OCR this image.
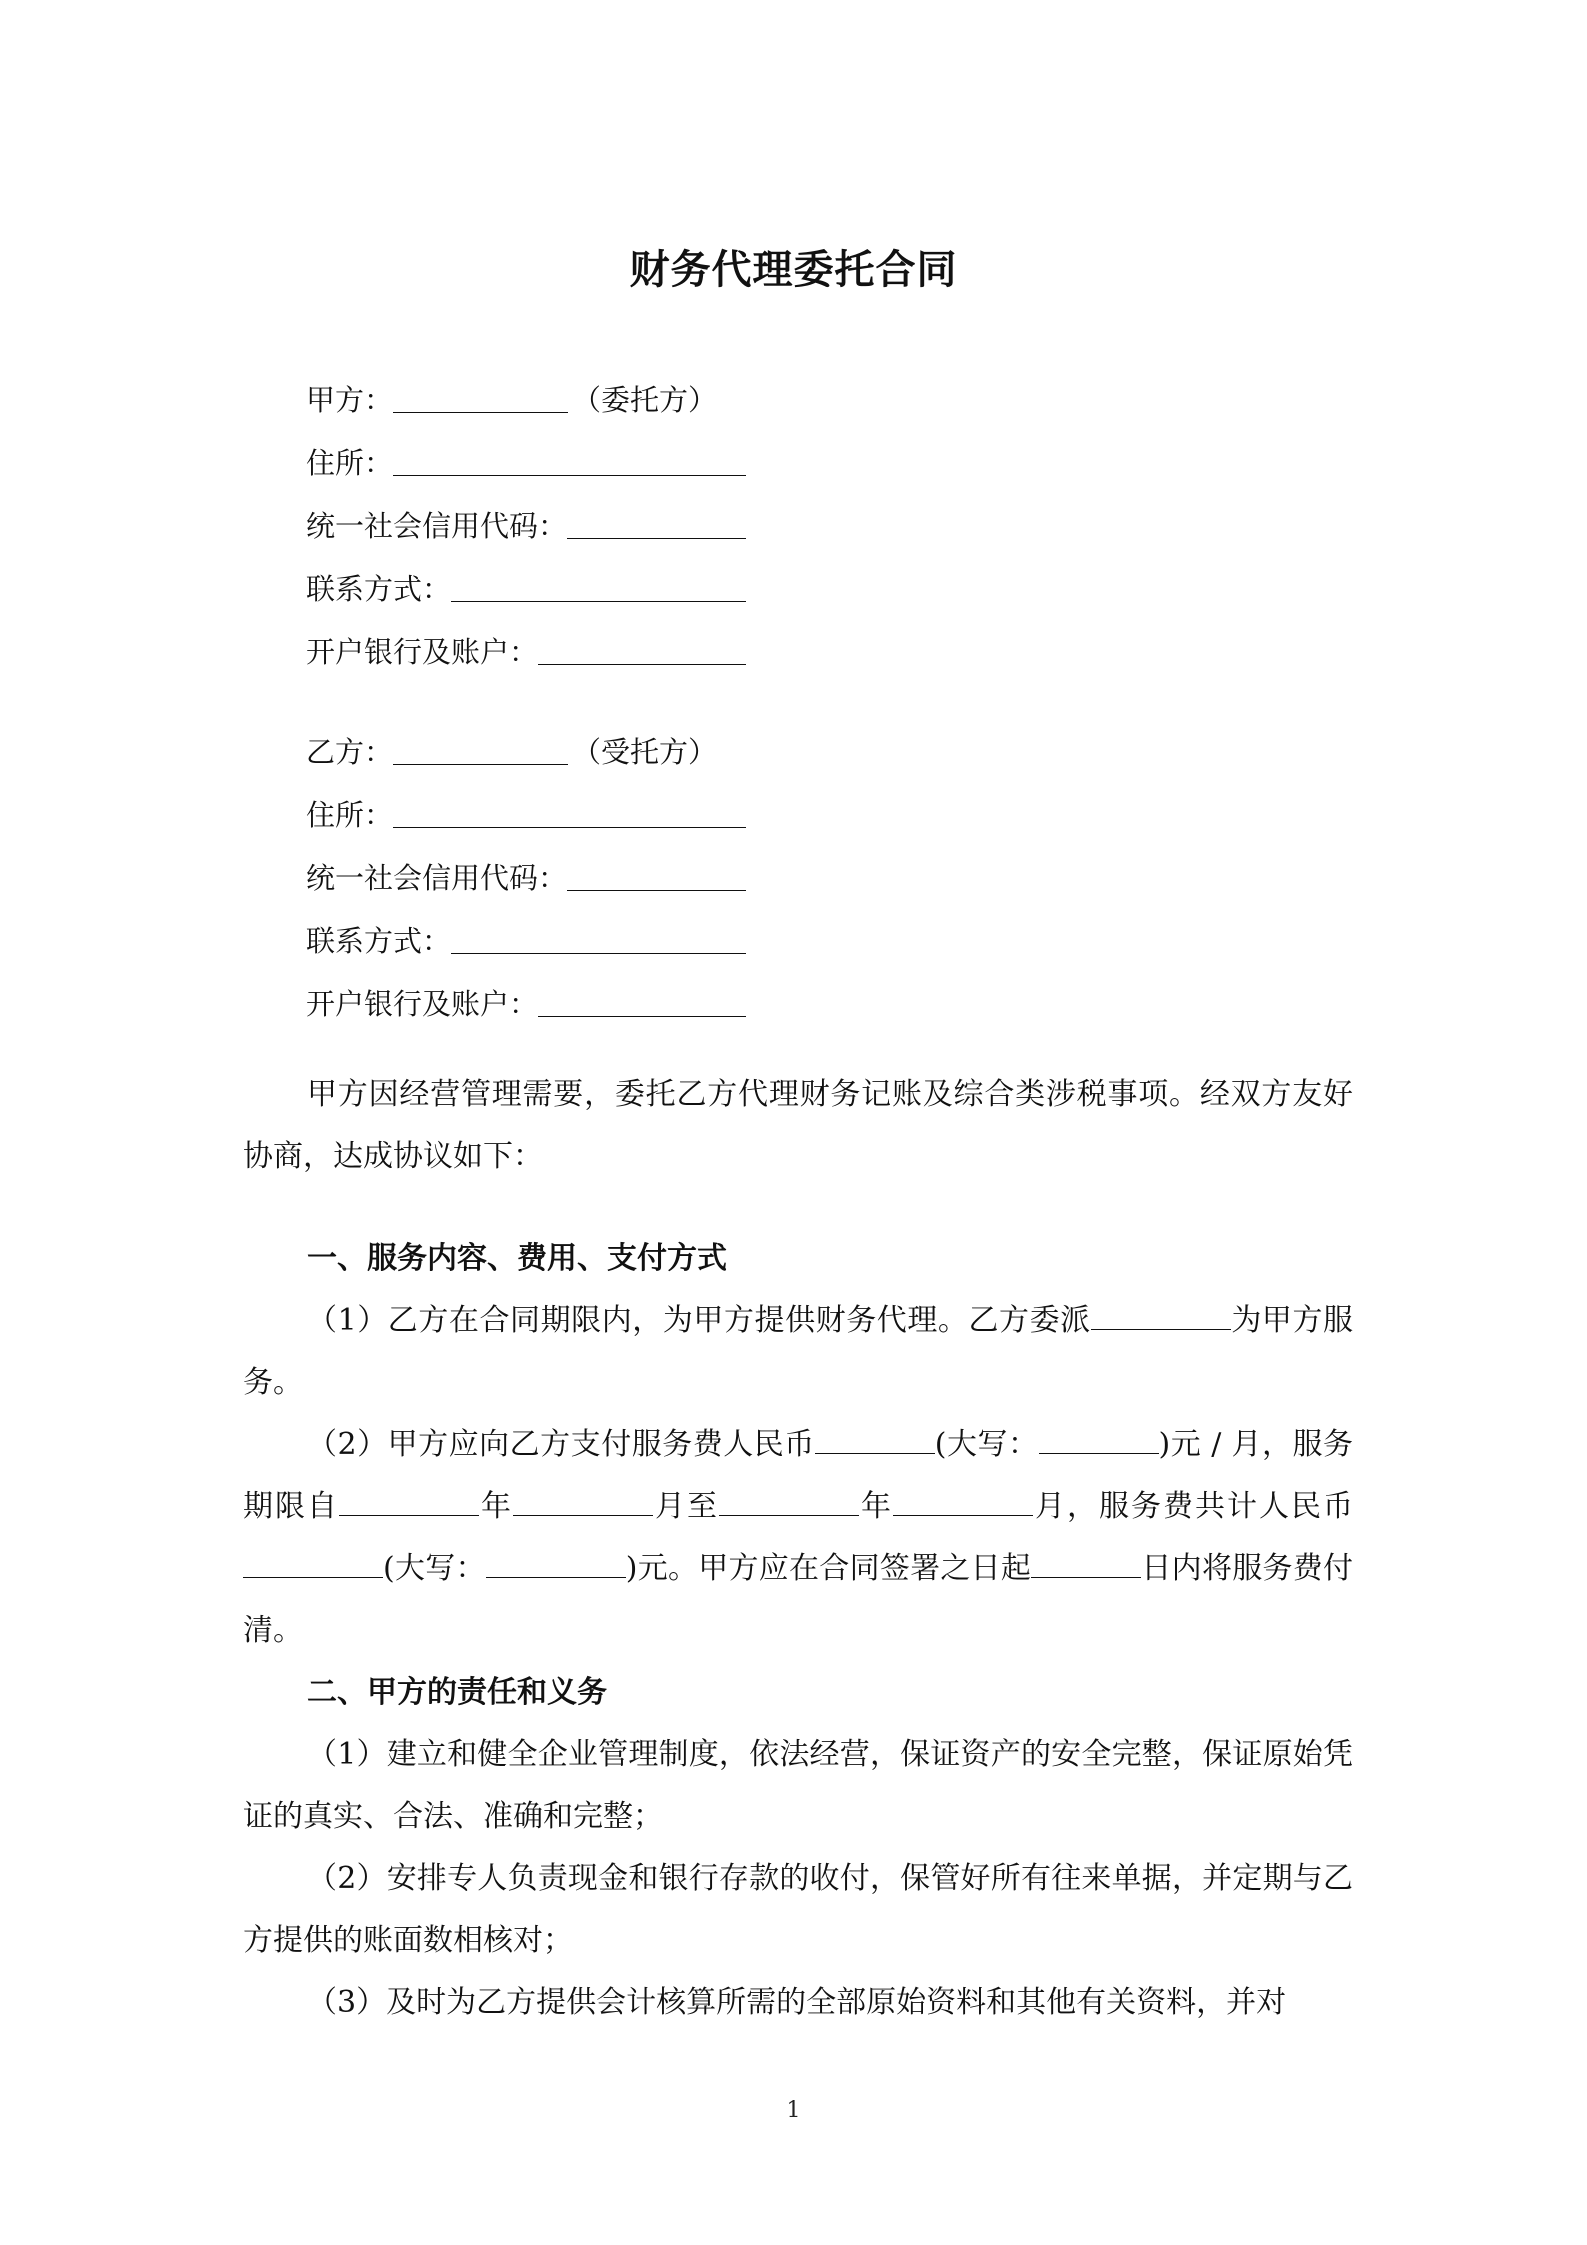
财务代理委托合同
甲方：	（委托方）
住所：
统一社会信用代码：
联系方式：
开户银行及账户：
乙方：	（受托方）
住所：
统一社会信用代码：
联系方式：
开户银行及账户：

甲方因经营管理需要，委托乙方代理财务记账及综合类涉税事项。经双方友好协商，达成协议如下：

一、服务内容、费用、支付方式

（1）乙方在合同期限内，为甲方提供财务代理。乙方委派	为甲方服务。

（2）甲方应向乙方支付服务费人民币	(大写：	)元 / 月，服务期限自	年	月至	年	月，服务费共计人民币(大写：	)元。甲方应在合同签署之日起	日内将服务费付清。

二、甲方的责任和义务

（1）建立和健全企业管理制度，依法经营，保证资产的安全完整，保证原始凭证的真实、合法、准确和完整；

（2）安排专人负责现金和银行存款的收付，保管好所有往来单据，并定期与乙方提供的账面数相核对；

（3）及时为乙方提供会计核算所需的全部原始资料和其他有关资料，并对

1
